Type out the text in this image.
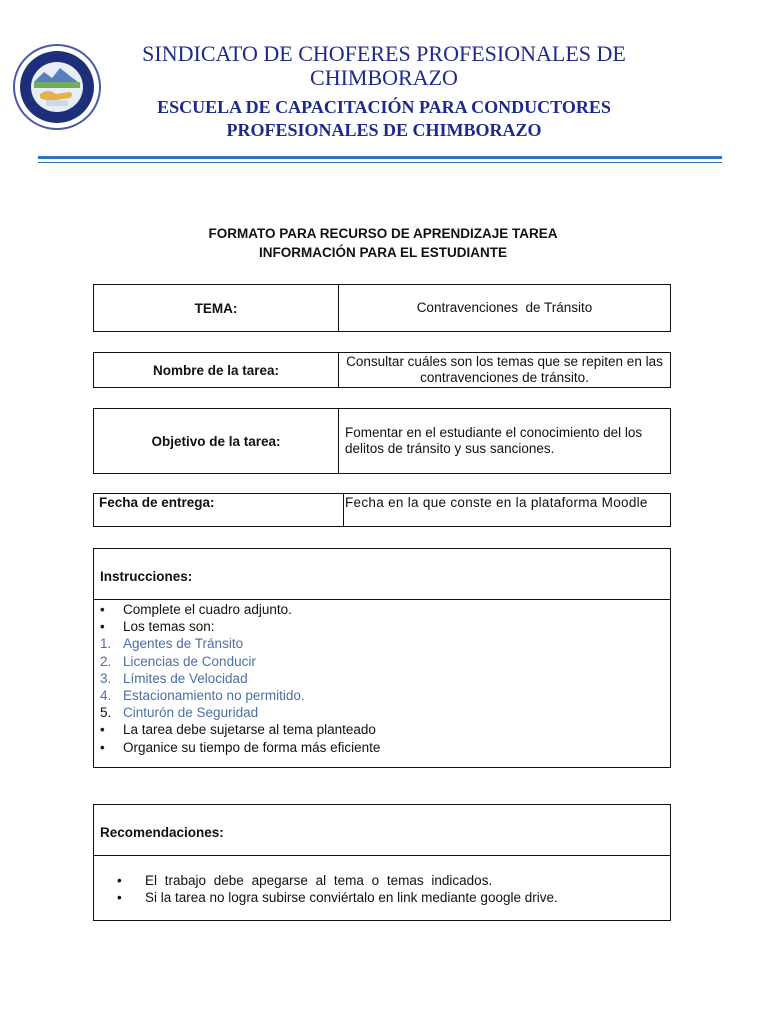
SINDICATO DE CHOFERES PROFESIONALES DE CHIMBORAZO
ESCUELA DE CAPACITACIÓN PARA CONDUCTORES PROFESIONALES DE CHIMBORAZO
FORMATO PARA RECURSO DE APRENDIZAJE TAREA
INFORMACIÓN PARA EL ESTUDIANTE
TEMA:	Contravenciones  de Tránsito
Nombre de la tarea:
Consultar cuáles son los temas que se repiten en las contravenciones de tránsito.
Objetivo de la tarea:
Fomentar en el estudiante el conocimiento del los delitos de tránsito y sus sanciones.
Fecha de entrega:	Fecha en la que conste en la plataforma Moodle
Instrucciones:
•	Complete el cuadro adjunto.
•	Los temas son:
1. Agentes de Tránsito
2. Licencias de Conducir
3. Límites de Velocidad
4. Estacionamiento no permitido.
5. Cinturón de Seguridad
•	La tarea debe sujetarse al tema planteado
•	Organice su tiempo de forma más eficiente
Recomendaciones:
•	El trabajo debe apegarse al tema o temas indicados.
•	Si la tarea no logra subirse conviértalo en link mediante google drive.
